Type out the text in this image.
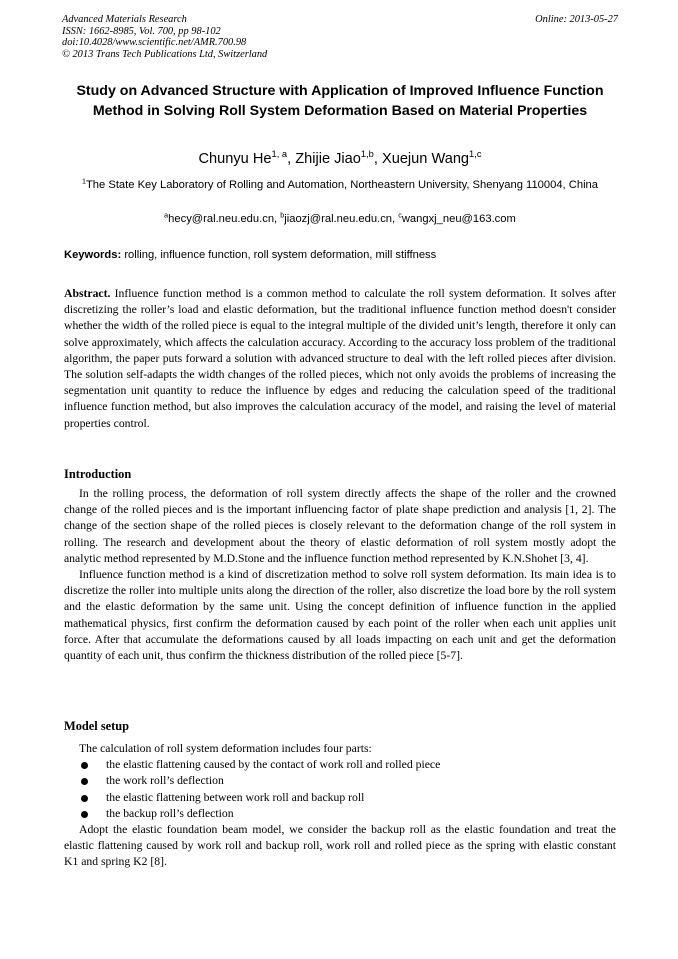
Advanced Materials Research
ISSN: 1662-8985, Vol. 700, pp 98-102
doi:10.4028/www.scientific.net/AMR.700.98
© 2013 Trans Tech Publications Ltd, Switzerland
Online: 2013-05-27
Study on Advanced Structure with Application of Improved Influence Function Method in Solving Roll System Deformation Based on Material Properties
Chunyu He$^{1, a}$, Zhijie Jiao$^{1,b}$, Xuejun Wang$^{1,c}$
$^1$The State Key Laboratory of Rolling and Automation, Northeastern University, Shenyang 110004, China
$^a$hecy@ral.neu.edu.cn, $^b$jiaozj@ral.neu.edu.cn, $^c$wangxj_neu@163.com
Keywords: rolling, influence function, roll system deformation, mill stiffness
Abstract. Influence function method is a common method to calculate the roll system deformation. It solves after discretizing the roller’s load and elastic deformation, but the traditional influence function method doesn't consider whether the width of the rolled piece is equal to the integral multiple of the divided unit’s length, therefore it only can solve approximately, which affects the calculation accuracy. According to the accuracy loss problem of the traditional algorithm, the paper puts forward a solution with advanced structure to deal with the left rolled pieces after division. The solution self-adapts the width changes of the rolled pieces, which not only avoids the problems of increasing the segmentation unit quantity to reduce the influence by edges and reducing the calculation speed of the traditional influence function method, but also improves the calculation accuracy of the model, and raising the level of material properties control.
Introduction

In the rolling process, the deformation of roll system directly affects the shape of the roller and the crowned change of the rolled pieces and is the important influencing factor of plate shape prediction and analysis [1, 2]. The change of the section shape of the rolled pieces is closely relevant to the deformation change of the roll system in rolling. The research and development about the theory of elastic deformation of roll system mostly adopt the analytic method represented by M.D.Stone and the influence function method represented by K.N.Shohet [3, 4].

Influence function method is a kind of discretization method to solve roll system deformation. Its main idea is to discretize the roller into multiple units along the direction of the roller, also discretize the load bore by the roll system and the elastic deformation by the same unit. Using the concept definition of influence function in the applied mathematical physics, first confirm the deformation caused by each point of the roller when each unit applies unit force. After that accumulate the deformations caused by all loads impacting on each unit and get the deformation quantity of each unit, thus confirm the thickness distribution of the rolled piece [5-7].

Model setup

The calculation of roll system deformation includes four parts:

the elastic flattening caused by the contact of work roll and rolled piece
the work roll’s deflection
the elastic flattening between work roll and backup roll
the backup roll’s deflection

Adopt the elastic foundation beam model, we consider the backup roll as the elastic foundation and treat the elastic flattening caused by work roll and backup roll, work roll and rolled piece as the spring with elastic constant K1 and spring K2 [8].
